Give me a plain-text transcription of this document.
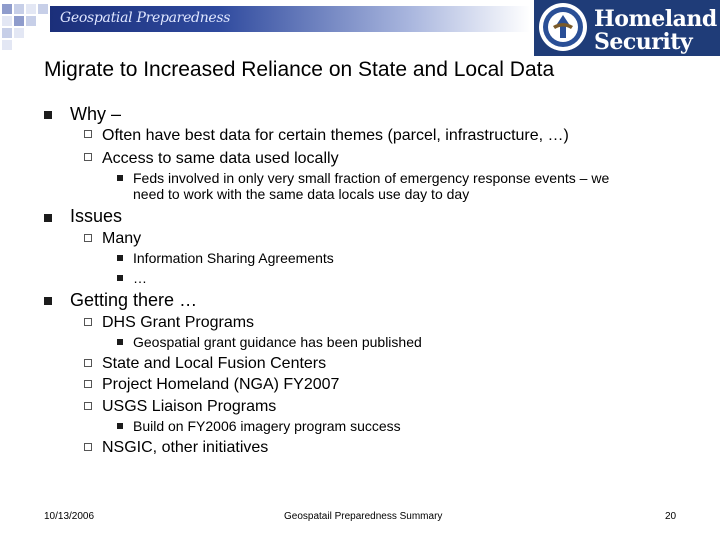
Geospatial Preparedness	Homeland
Security
Migrate to Increased Reliance on State and Local Data
Why –
Often have best data for certain themes (parcel, infrastructure, …)
Access to same data used locally
Feds involved in only very small fraction of emergency response events – we
need to work with the same data locals use day to day
Issues
Many
Information Sharing Agreements
…
Getting there …
DHS Grant Programs
Geospatial grant guidance has been published
State and Local Fusion Centers
Project Homeland (NGA) FY2007
USGS Liaison Programs
Build on FY2006 imagery program success
NSGIC, other initiatives
10/13/2006	Geospatail Preparedness Summary	20
